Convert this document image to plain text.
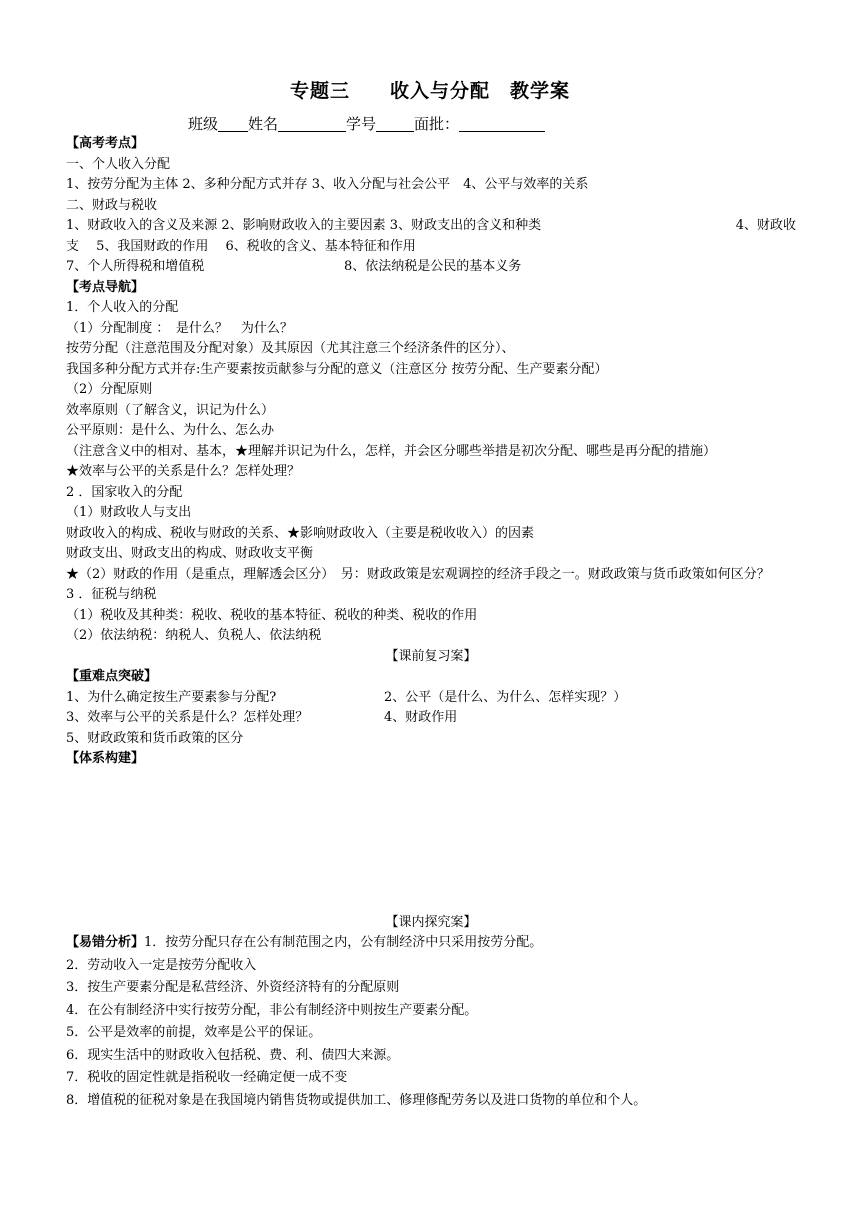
专题三　　收入与分配　教学案
班级 姓名	学号	面批：
【高考考点】
一、个人收入分配
1、按劳分配为主体 2、多种分配方式并存 3、收入分配与社会公平　4、公平与效率的关系
二、财政与税收
1、财政收入的含义及来源 2、影响财政收入的主要因素 3、财政支出的含义和种类	4、财政收
支　 5、我国财政的作用　 6、税收的含义、基本特征和作用
7、个人所得税和增值税	8、依法纳税是公民的基本义务
【考点导航】
1．个人收入的分配
（1）分配制度 ：　是什么？　为什么？
按劳分配（注意范围及分配对象）及其原因（尤其注意三个经济条件的区分）、
我国多种分配方式并存:生产要素按贡献参与分配的意义（注意区分 按劳分配、生产要素分配）
（2）分配原则
效率原则（了解含义，识记为什么）
公平原则：是什么、为什么、怎么办
（注意含义中的相对、基本，★理解并识记为什么，怎样，并会区分哪些举措是初次分配、哪些是再分配的措施）
★效率与公平的关系是什么？怎样处理？
2 ．国家收入的分配
（1）财政收人与支出
财政收入的构成、税收与财政的关系、★影响财政收入（主要是税收收入）的因素
财政支出、财政支出的构成、财政收支平衡
★（2）财政的作用（是重点，理解透会区分）　另：财政政策是宏观调控的经济手段之一。财政政策与货币政策如何区分？
3 ．征税与纳税
（1）税收及其种类：税收、税收的基本特征、税收的种类、税收的作用
（2）依法纳税：纳税人、负税人、依法纳税
【课前复习案】
【重难点突破】
1、为什么确定按生产要素参与分配?	2、公平（是什么、为什么、怎样实现？）
3、效率与公平的关系是什么？怎样处理？	4、财政作用
5、财政政策和货币政策的区分
【体系构建】
【课内探究案】
【易错分析】1．按劳分配只存在公有制范围之内，公有制经济中只采用按劳分配。
2．劳动收入一定是按劳分配收入
3．按生产要素分配是私营经济、外资经济特有的分配原则
4．在公有制经济中实行按劳分配，非公有制经济中则按生产要素分配。
5．公平是效率的前提，效率是公平的保证。
6．现实生活中的财政收入包括税、费、利、债四大来源。
7．税收的固定性就是指税收一经确定便一成不变
8．增值税的征税对象是在我国境内销售货物或提供加工、修理修配劳务以及进口货物的单位和个人。
